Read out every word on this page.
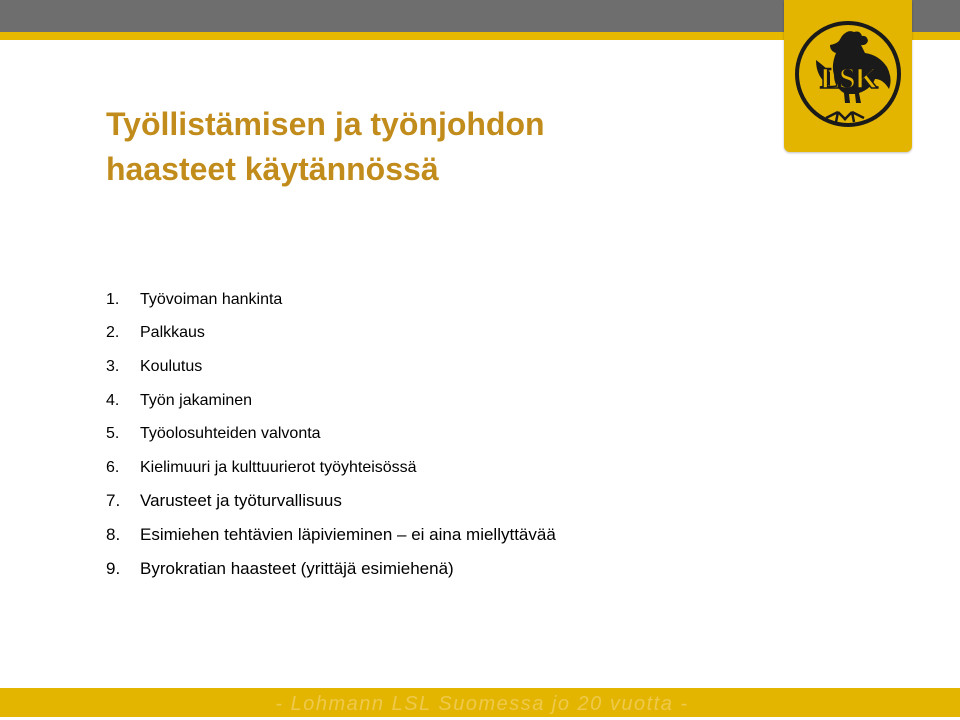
LSK
Työllistämisen ja työnjohdon
haasteet käytännössä
1.	Työvoiman hankinta
2.	Palkkaus
3.	Koulutus
4.	Työn jakaminen
5.	Työolosuhteiden valvonta
6.	Kielimuuri ja kulttuurierot työyhteisössä
7.	Varusteet ja työturvallisuus
8.	Esimiehen tehtävien läpivieminen – ei aina miellyttävää
9.	Byrokratian haasteet (yrittäjä esimiehenä)
- Lohmann LSL Suomessa jo 20 vuotta -
